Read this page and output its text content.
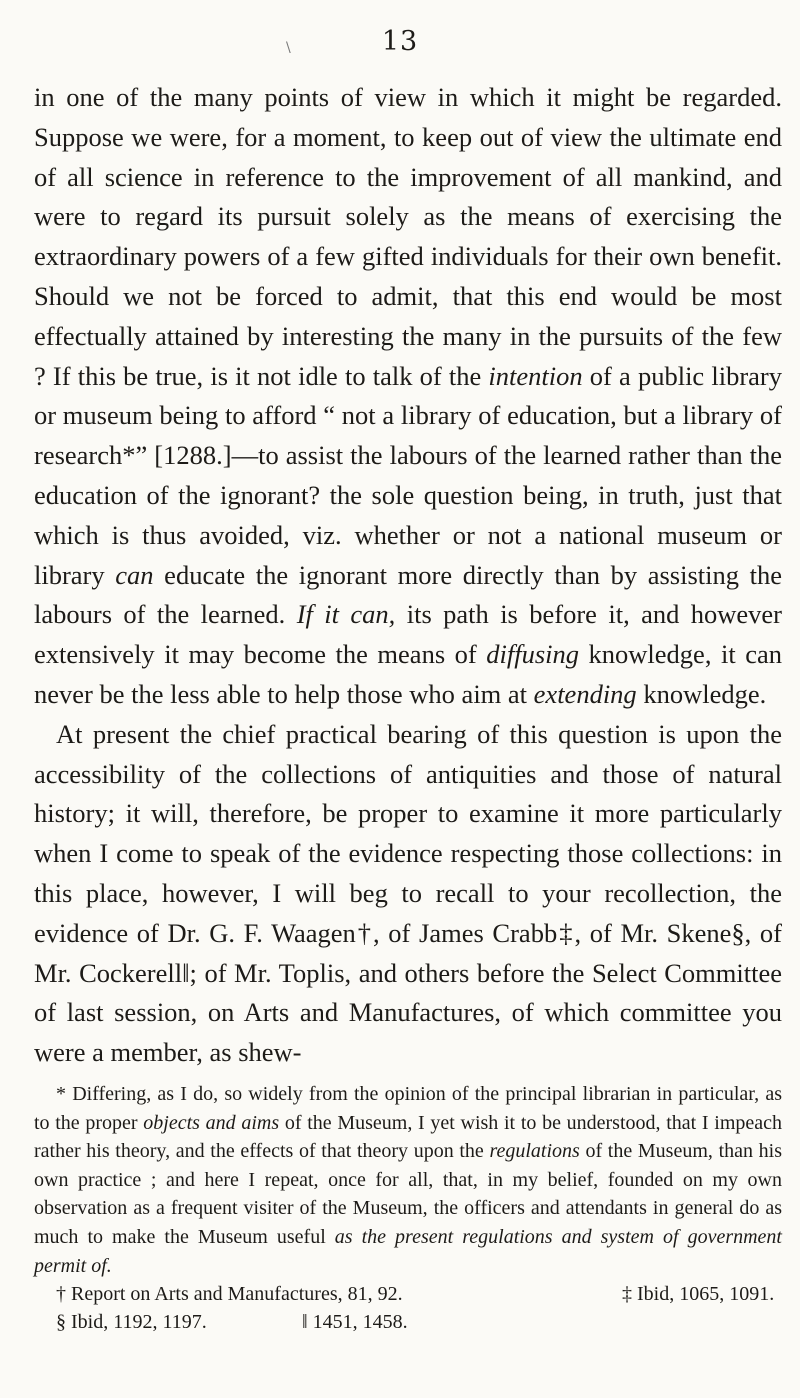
13
\

in one of the many points of view in which it might be regarded. Suppose we were, for a moment, to keep out of view the ultimate end of all science in reference to the improvement of all mankind, and were to regard its pursuit solely as the means of exercising the extraordinary powers of a few gifted individuals for their own benefit. Should we not be forced to admit, that this end would be most effectually attained by interesting the many in the pursuits of the few ? If this be true, is it not idle to talk of the intention of a public library or museum being to afford “ not a library of education, but a library of research*” [1288.]—to assist the labours of the learned rather than the education of the ignorant? the sole question being, in truth, just that which is thus avoided, viz. whether or not a national museum or library can educate the ignorant more directly than by assisting the labours of the learned. If it can, its path is before it, and however extensively it may become the means of diffusing knowledge, it can never be the less able to help those who aim at extending knowledge.

At present the chief practical bearing of this question is upon the accessibility of the collections of antiquities and those of natural history; it will, therefore, be proper to examine it more particularly when I come to speak of the evidence respecting those collections: in this place, however, I will beg to recall to your recollection, the evidence of Dr. G. F. Waagen†, of James Crabb‡, of Mr. Skene§, of Mr. Cockerell‖; of Mr. Toplis, and others before the Select Committee of last session, on Arts and Manufactures, of which committee you were a member, as shew-

* Differing, as I do, so widely from the opinion of the principal librarian in particular, as to the proper objects and aims of the Museum, I yet wish it to be understood, that I impeach rather his theory, and the effects of that theory upon the regulations of the Museum, than his own practice ; and here I repeat, once for all, that, in my belief, founded on my own observation as a frequent visiter of the Museum, the officers and attendants in general do as much to make the Museum useful as the present regulations and system of government permit of.

† Report on Arts and Manufactures, 81, 92.	‡ Ibid, 1065, 1091.
§ Ibid, 1192, 1197.	‖ 1451, 1458.
